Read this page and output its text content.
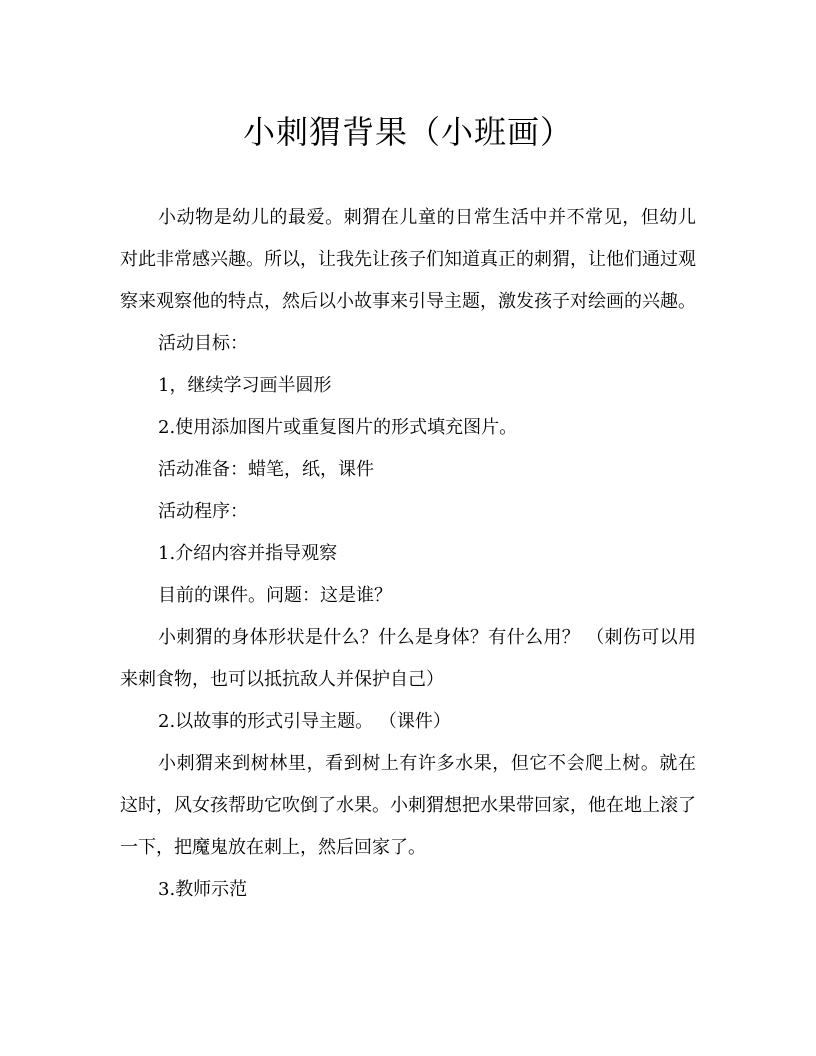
小刺猬背果（小班画）

小动物是幼儿的最爱。刺猬在儿童的日常生活中并不常见，但幼儿对此非常感兴趣。所以，让我先让孩子们知道真正的刺猬，让他们通过观察来观察他的特点，然后以小故事来引导主题，激发孩子对绘画的兴趣。

活动目标：

1，继续学习画半圆形

2.使用添加图片或重复图片的形式填充图片。

活动准备：蜡笔，纸，课件

活动程序：

1.介绍内容并指导观察

目前的课件。问题：这是谁？

小刺猬的身体形状是什么？什么是身体？有什么用？ （刺伤可以用来刺食物，也可以抵抗敌人并保护自己）

2.以故事的形式引导主题。 （课件）

小刺猬来到树林里，看到树上有许多水果，但它不会爬上树。就在这时，风女孩帮助它吹倒了水果。小刺猬想把水果带回家，他在地上滚了一下，把魔鬼放在刺上，然后回家了。

3.教师示范
